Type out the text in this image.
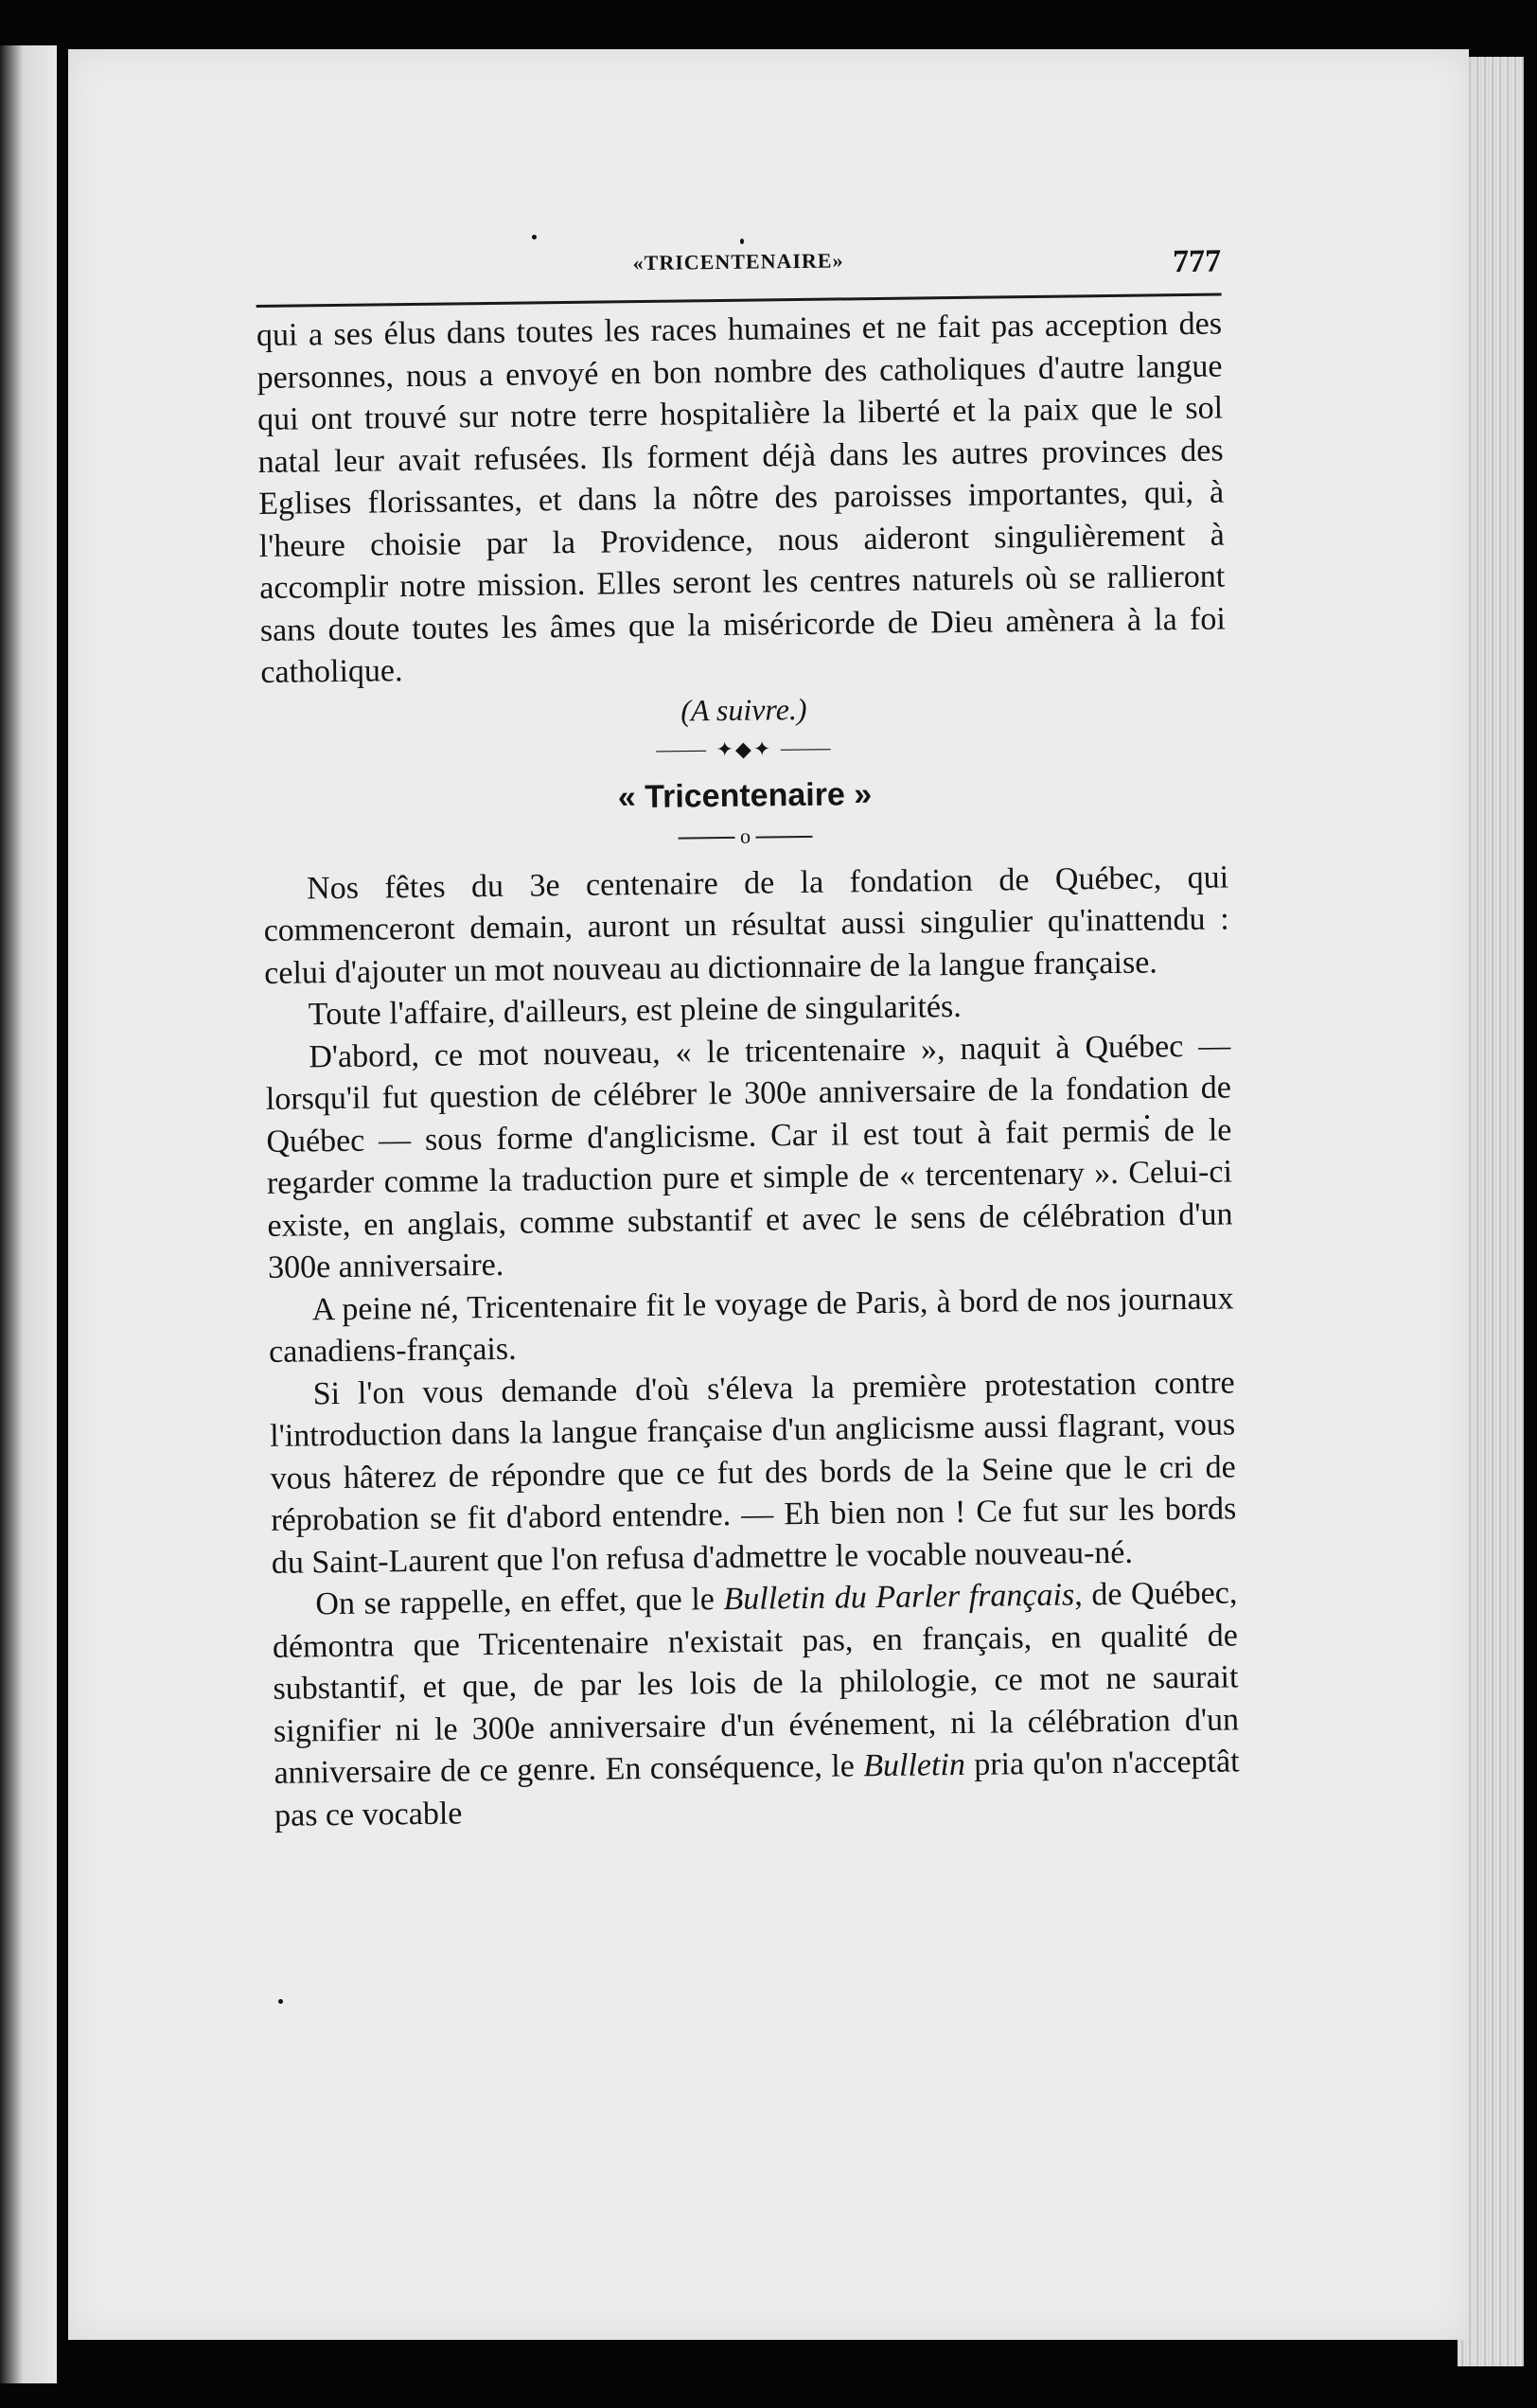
«TRICENTENAIRE»	777

qui a ses élus dans toutes les races humaines et ne fait pas acception des personnes, nous a envoyé en bon nombre des catholiques d'autre langue qui ont trouvé sur notre terre hospitalière la liberté et la paix que le sol natal leur avait refusées. Ils forment déjà dans les autres provinces des Eglises florissantes, et dans la nôtre des paroisses importantes, qui, à l'heure choisie par la Providence, nous aideront singulièrement à accomplir notre mission. Elles seront les centres naturels où se rallieront sans doute toutes les âmes que la miséricorde de Dieu amènera à la foi catholique.

(A suivre.)

⸻ ✦◆✦ ⸻
« Tricentenaire »
o

Nos fêtes du 3e centenaire de la fondation de Québec, qui commenceront demain, auront un résultat aussi singulier qu'inattendu : celui d'ajouter un mot nouveau au dictionnaire de la langue française.

Toute l'affaire, d'ailleurs, est pleine de singularités.

D'abord, ce mot nouveau, « le tricentenaire », naquit à Québec — lorsqu'il fut question de célébrer le 300e anniversaire de la fondation de Québec — sous forme d'anglicisme. Car il est tout à fait permis de le regarder comme la traduction pure et simple de « tercentenary ». Celui-ci existe, en anglais, comme substantif et avec le sens de célébration d'un 300e anniversaire.

A peine né, Tricentenaire fit le voyage de Paris, à bord de nos journaux canadiens-français.

Si l'on vous demande d'où s'éleva la première protestation contre l'introduction dans la langue française d'un anglicisme aussi flagrant, vous vous hâterez de répondre que ce fut des bords de la Seine que le cri de réprobation se fit d'abord entendre. — Eh bien non ! Ce fut sur les bords du Saint-Laurent que l'on refusa d'admettre le vocable nouveau-né.

On se rappelle, en effet, que le Bulletin du Parler français, de Québec, démontra que Tricentenaire n'existait pas, en français, en qualité de substantif, et que, de par les lois de la philologie, ce mot ne saurait signifier ni le 300e anniversaire d'un événement, ni la célébration d'un anniversaire de ce genre. En conséquence, le Bulletin pria qu'on n'acceptât pas ce vocable
